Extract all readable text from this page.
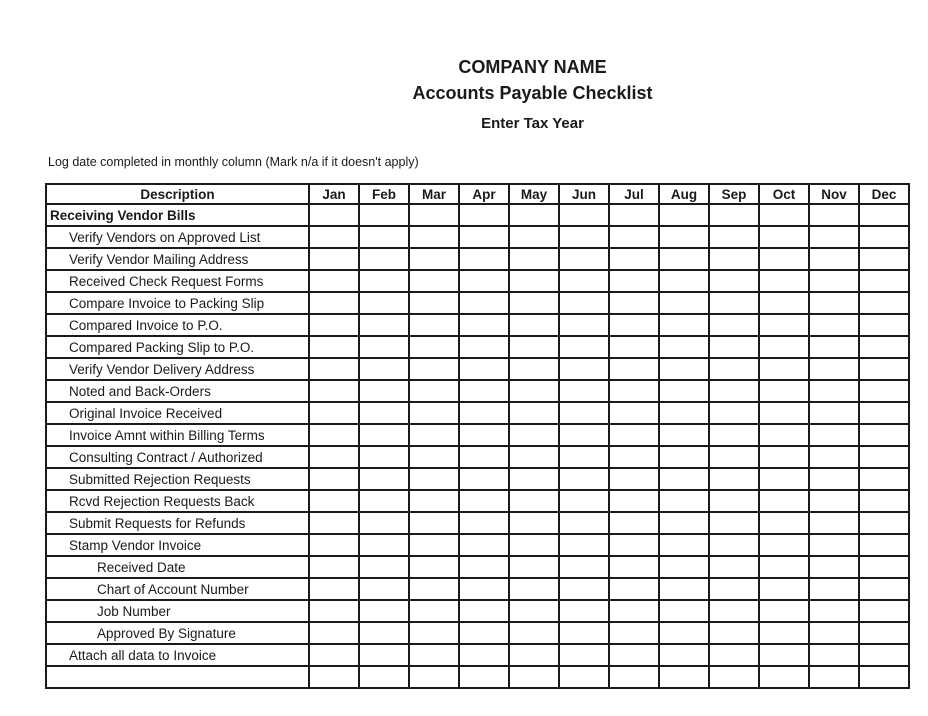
COMPANY NAME
Accounts Payable Checklist
Enter Tax Year
Log date completed in monthly column (Mark n/a if it doesn't apply)
Description	Jan	Feb	Mar	Apr	May	Jun	Jul	Aug	Sep	Oct	Nov	Dec
Receiving Vendor Bills												
Verify Vendors on Approved List												
Verify Vendor Mailing Address												
Received Check Request Forms												
Compare Invoice to Packing Slip												
Compared Invoice to P.O.												
Compared Packing Slip to P.O.												
Verify Vendor Delivery Address												
Noted and Back-Orders												
Original Invoice Received												
Invoice Amnt within Billing Terms												
Consulting Contract / Authorized												
Submitted Rejection Requests												
Rcvd Rejection Requests Back												
Submit Requests for Refunds												
Stamp Vendor Invoice												
Received Date												
Chart of Account Number												
Job Number												
Approved By Signature												
Attach all data to Invoice												
